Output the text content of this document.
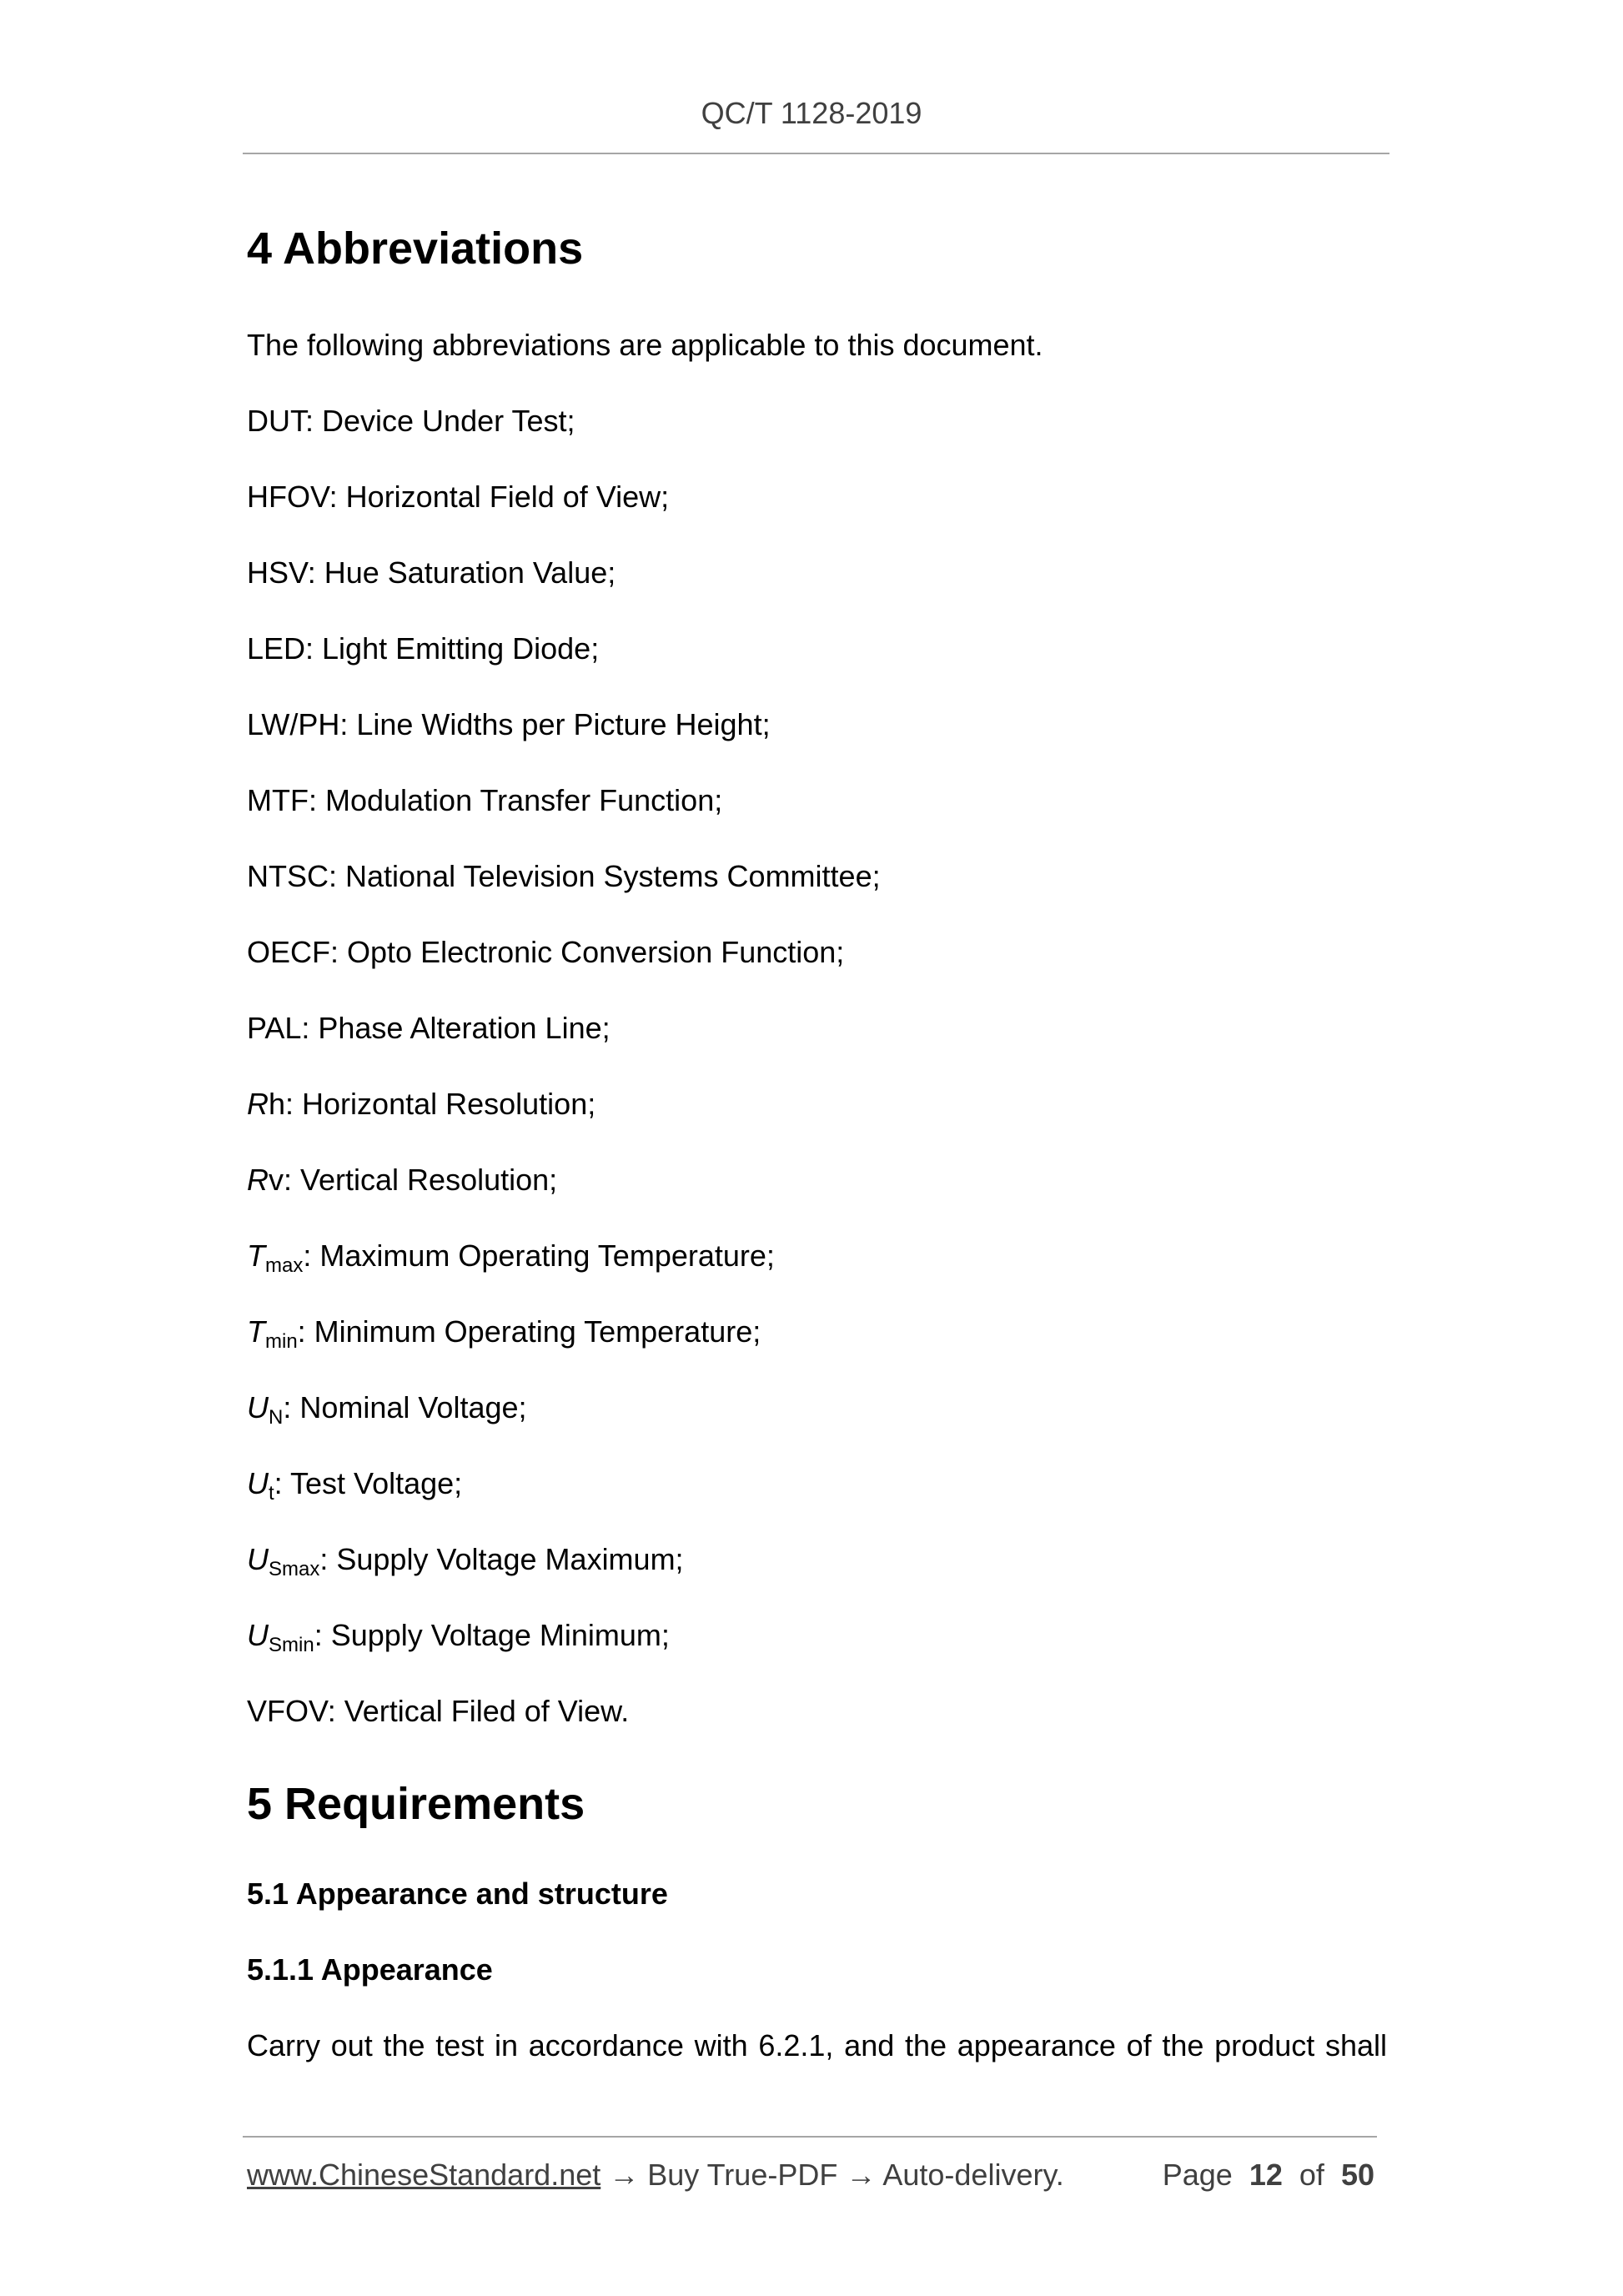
QC/T 1128-2019
4 Abbreviations
The following abbreviations are applicable to this document.
DUT: Device Under Test;
HFOV: Horizontal Field of View;
HSV: Hue Saturation Value;
LED: Light Emitting Diode;
LW/PH: Line Widths per Picture Height;
MTF: Modulation Transfer Function;
NTSC: National Television Systems Committee;
OECF: Opto Electronic Conversion Function;
PAL: Phase Alteration Line;
Rh: Horizontal Resolution;
Rv: Vertical Resolution;
$T_{max}$: Maximum Operating Temperature;
$T_{min}$: Minimum Operating Temperature;
$U_N$: Nominal Voltage;
$U_t$: Test Voltage;
$U_{Smax}$: Supply Voltage Maximum;
$U_{Smin}$: Supply Voltage Minimum;
VFOV: Vertical Filed of View.
5 Requirements
5.1 Appearance and structure
5.1.1 Appearance
Carry out the test in accordance with 6.2.1, and the appearance of the product shall
www.ChineseStandard.net → Buy True-PDF → Auto-delivery.	Page 12 of 50
